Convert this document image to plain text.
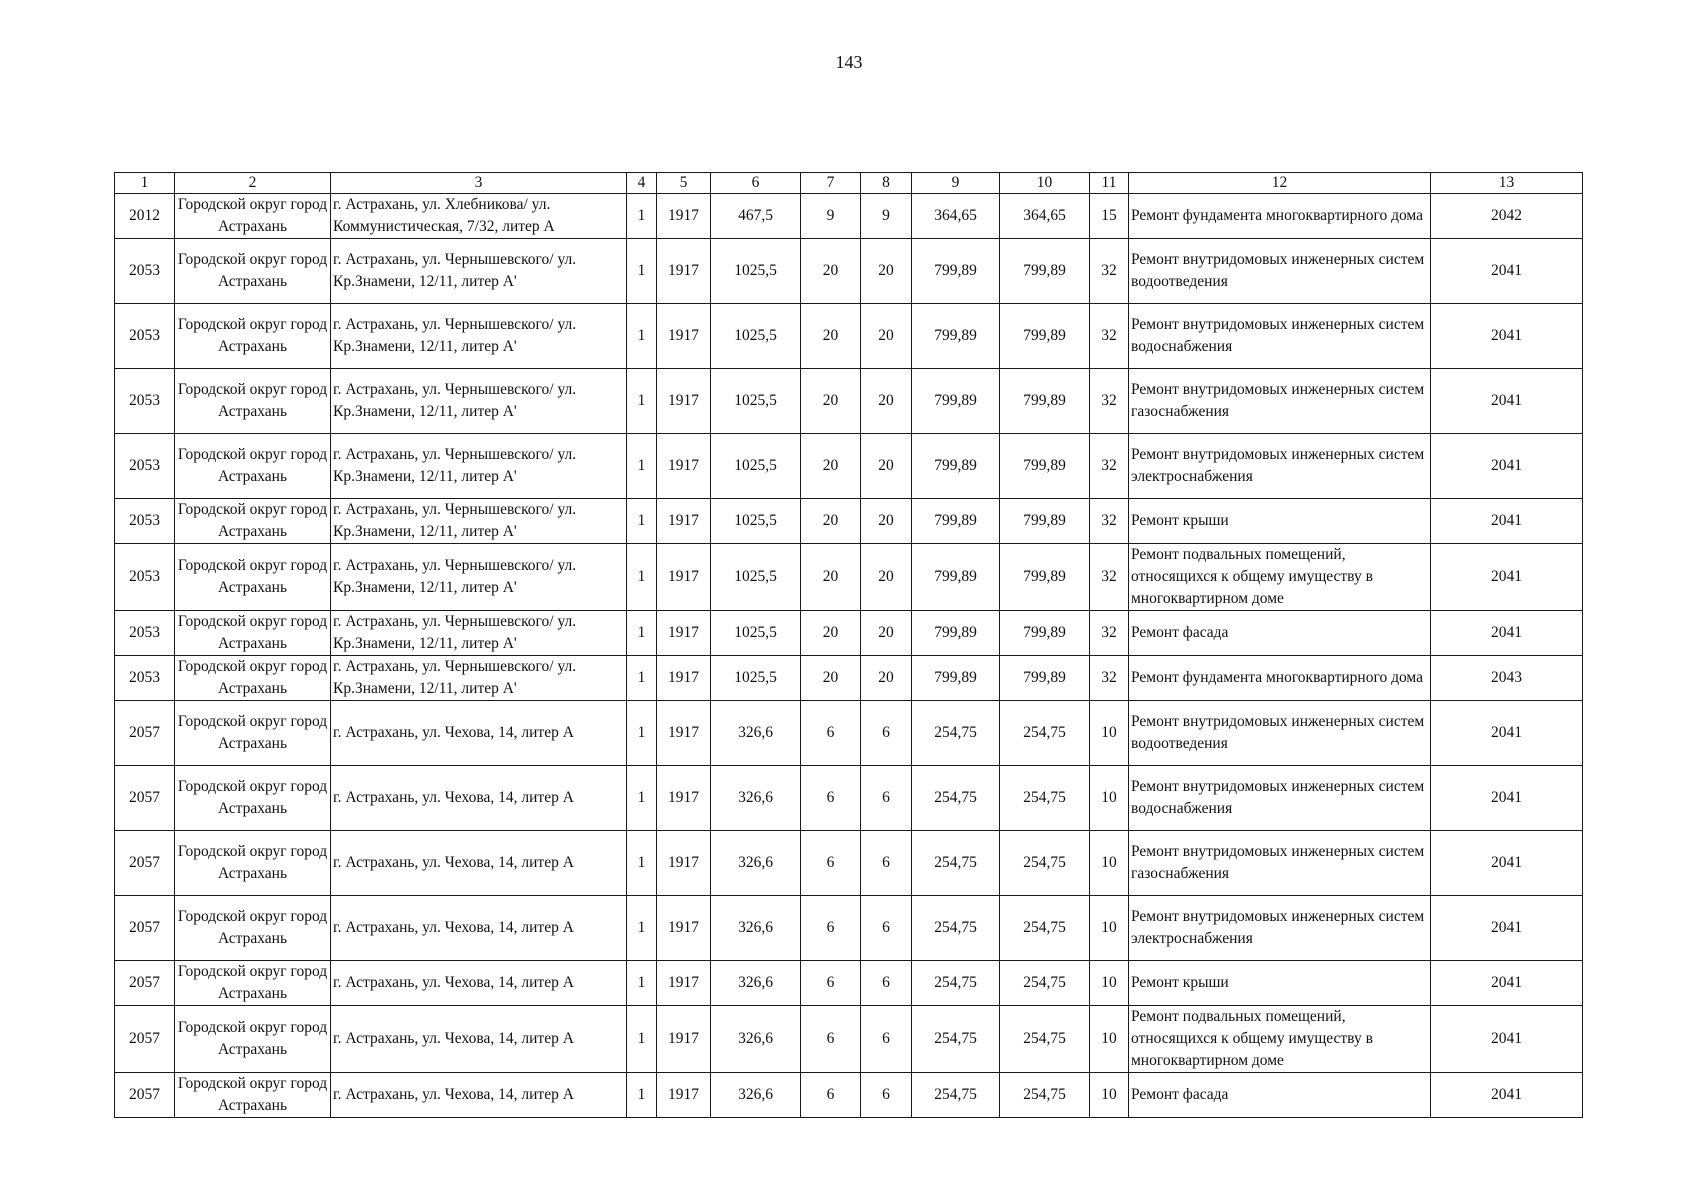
143
1	2	3	4	5	6	7	8	9	10	11	12	13
2012	Городской округ город Астрахань	г. Астрахань, ул. Хлебникова/ ул. Коммунистическая, 7/32, литер А	1	1917	467,5	9	9	364,65	364,65	15	Ремонт фундамента многоквартирного дома	2042
2053	Городской округ город Астрахань	г. Астрахань, ул. Чернышевского/ ул. Кр.Знамени, 12/11, литер А'	1	1917	1025,5	20	20	799,89	799,89	32	Ремонт внутридомовых инженерных систем водоотведения	2041
2053	Городской округ город Астрахань	г. Астрахань, ул. Чернышевского/ ул. Кр.Знамени, 12/11, литер А'	1	1917	1025,5	20	20	799,89	799,89	32	Ремонт внутридомовых инженерных систем водоснабжения	2041
2053	Городской округ город Астрахань	г. Астрахань, ул. Чернышевского/ ул. Кр.Знамени, 12/11, литер А'	1	1917	1025,5	20	20	799,89	799,89	32	Ремонт внутридомовых инженерных систем газоснабжения	2041
2053	Городской округ город Астрахань	г. Астрахань, ул. Чернышевского/ ул. Кр.Знамени, 12/11, литер А'	1	1917	1025,5	20	20	799,89	799,89	32	Ремонт внутридомовых инженерных систем электроснабжения	2041
2053	Городской округ город Астрахань	г. Астрахань, ул. Чернышевского/ ул. Кр.Знамени, 12/11, литер А'	1	1917	1025,5	20	20	799,89	799,89	32	Ремонт крыши	2041
2053	Городской округ город Астрахань	г. Астрахань, ул. Чернышевского/ ул. Кр.Знамени, 12/11, литер А'	1	1917	1025,5	20	20	799,89	799,89	32	Ремонт подвальных помещений, относящихся к общему имуществу в многоквартирном доме	2041
2053	Городской округ город Астрахань	г. Астрахань, ул. Чернышевского/ ул. Кр.Знамени, 12/11, литер А'	1	1917	1025,5	20	20	799,89	799,89	32	Ремонт фасада	2041
2053	Городской округ город Астрахань	г. Астрахань, ул. Чернышевского/ ул. Кр.Знамени, 12/11, литер А'	1	1917	1025,5	20	20	799,89	799,89	32	Ремонт фундамента многоквартирного дома	2043
2057	Городской округ город Астрахань	г. Астрахань, ул. Чехова, 14, литер А	1	1917	326,6	6	6	254,75	254,75	10	Ремонт внутридомовых инженерных систем водоотведения	2041
2057	Городской округ город Астрахань	г. Астрахань, ул. Чехова, 14, литер А	1	1917	326,6	6	6	254,75	254,75	10	Ремонт внутридомовых инженерных систем водоснабжения	2041
2057	Городской округ город Астрахань	г. Астрахань, ул. Чехова, 14, литер А	1	1917	326,6	6	6	254,75	254,75	10	Ремонт внутридомовых инженерных систем газоснабжения	2041
2057	Городской округ город Астрахань	г. Астрахань, ул. Чехова, 14, литер А	1	1917	326,6	6	6	254,75	254,75	10	Ремонт внутридомовых инженерных систем электроснабжения	2041
2057	Городской округ город Астрахань	г. Астрахань, ул. Чехова, 14, литер А	1	1917	326,6	6	6	254,75	254,75	10	Ремонт крыши	2041
2057	Городской округ город Астрахань	г. Астрахань, ул. Чехова, 14, литер А	1	1917	326,6	6	6	254,75	254,75	10	Ремонт подвальных помещений, относящихся к общему имуществу в многоквартирном доме	2041
2057	Городской округ город Астрахань	г. Астрахань, ул. Чехова, 14, литер А	1	1917	326,6	6	6	254,75	254,75	10	Ремонт фасада	2041
